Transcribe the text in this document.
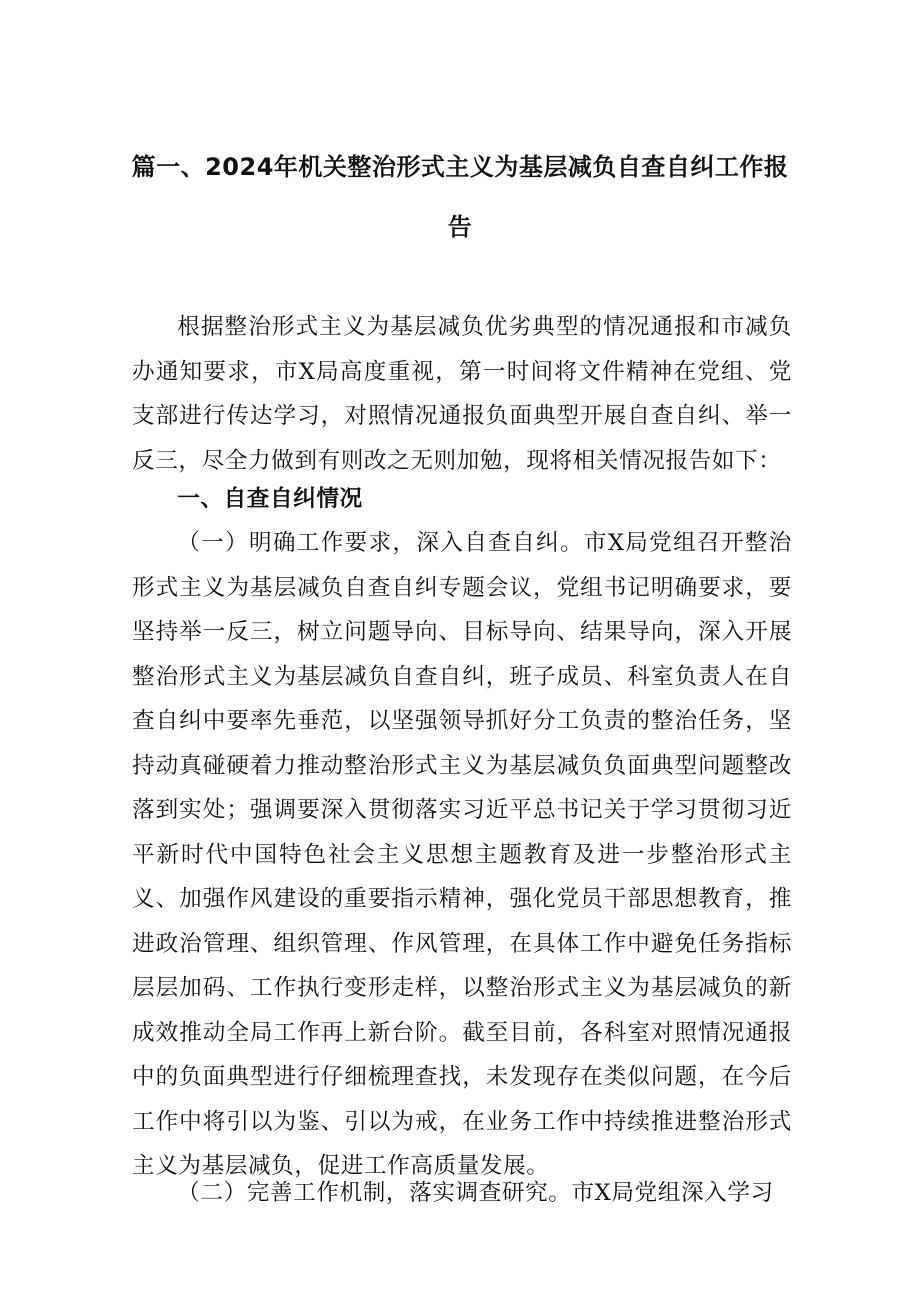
篇一、2024年机关整治形式主义为基层减负自查自纠工作报
告

根据整治形式主义为基层减负优劣典型的情况通报和市减负办通知要求，市X局高度重视，第一时间将文件精神在党组、党支部进行传达学习，对照情况通报负面典型开展自查自纠、举一反三，尽全力做到有则改之无则加勉，现将相关情况报告如下：

一、自查自纠情况

（一）明确工作要求，深入自查自纠。市X局党组召开整治形式主义为基层减负自查自纠专题会议，党组书记明确要求，要坚持举一反三，树立问题导向、目标导向、结果导向，深入开展整治形式主义为基层减负自查自纠，班子成员、科室负责人在自查自纠中要率先垂范，以坚强领导抓好分工负责的整治任务，坚持动真碰硬着力推动整治形式主义为基层减负负面典型问题整改落到实处；强调要深入贯彻落实习近平总书记关于学习贯彻习近平新时代中国特色社会主义思想主题教育及进一步整治形式主义、加强作风建设的重要指示精神，强化党员干部思想教育，推进政治管理、组织管理、作风管理，在具体工作中避免任务指标层层加码、工作执行变形走样，以整治形式主义为基层减负的新成效推动全局工作再上新台阶。截至目前，各科室对照情况通报中的负面典型进行仔细梳理查找，未发现存在类似问题，在今后工作中将引以为鉴、引以为戒，在业务工作中持续推进整治形式主义为基层减负，促进工作高质量发展。

（二）完善工作机制，落实调查研究。市X局党组深入学习
